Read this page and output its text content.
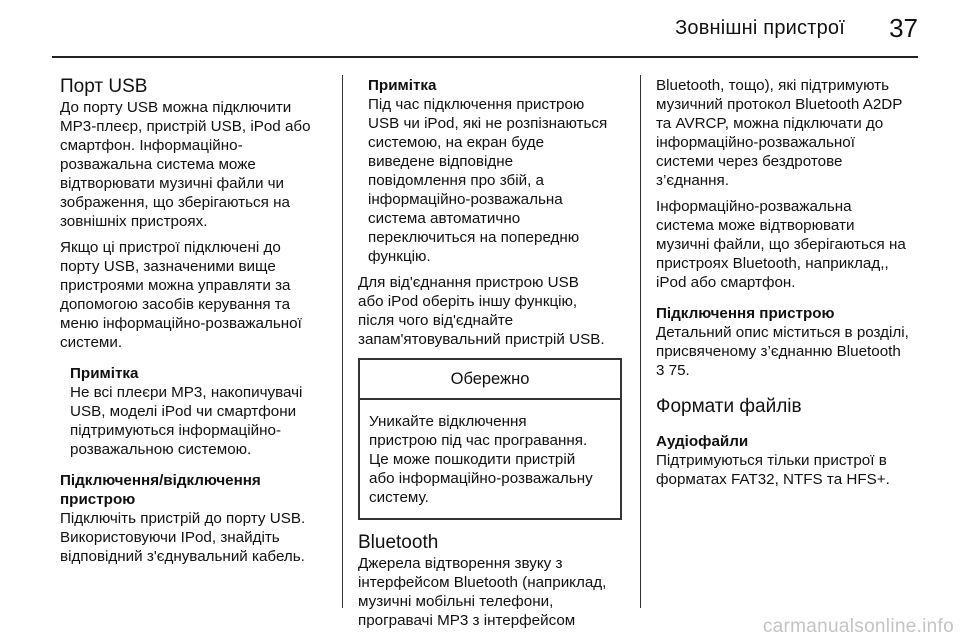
Зовнішні пристрої 37
Порт USB

До порту USB можна підключити
MP3-плеєр, пристрій USB, iPod або
смартфон. Інформаційно-
розважальна система може
відтворювати музичні файли чи
зображення, що зберігаються на
зовнішніх пристроях.

Якщо ці пристрої підключені до
порту USB, зазначеними вище
пристроями можна управляти за
допомогою засобів керування та
меню інформаційно-розважальної
системи.

Примітка

Не всі плеєри MP3, накопичувачі
USB, моделі iPod чи смартфони
підтримуються інформаційно-
розважальною системою.

Підключення/відключення
пристрою

Підключіть пристрій до порту USB.
Використовуючи IPod, знайдіть
відповідний з'єднувальний кабель.

Примітка

Під час підключення пристрою
USB чи iPod, які не розпізнаються
системою, на екран буде
виведене відповідне
повідомлення про збій, а
інформаційно-розважальна
система автоматично
переключиться на попередню
функцію.

Для від'єднання пристрою USB
або iPod оберіть іншу функцію,
після чого від'єднайте
запам'ятовувальний пристрій USB.

Обережно
Уникайте відключення
пристрою під час програвання.
Це може пошкодити пристрій
або інформаційно-розважальну
систему.
Bluetooth

Джерела відтворення звуку з
інтерфейсом Bluetooth (наприклад,
музичні мобільні телефони,
програвачі MP3 з інтерфейсом

Bluetooth, тощо), які підтримують
музичний протокол Bluetooth A2DP
та AVRCP, можна підключати до
інформаційно-розважальної
системи через бездротове
з’єднання.

Інформаційно-розважальна
система може відтворювати
музичні файли, що зберігаються на
пристроях Bluetooth, наприклад,,
iPod або смартфон.

Підключення пристрою

Детальний опис міститься в розділі,
присвяченому з’єднанню Bluetooth
3 75.

Формати файлів

Аудіофайли

Підтримуються тільки пристрої в
форматах FAT32, NTFS та HFS+.

carmanualsonline.info
